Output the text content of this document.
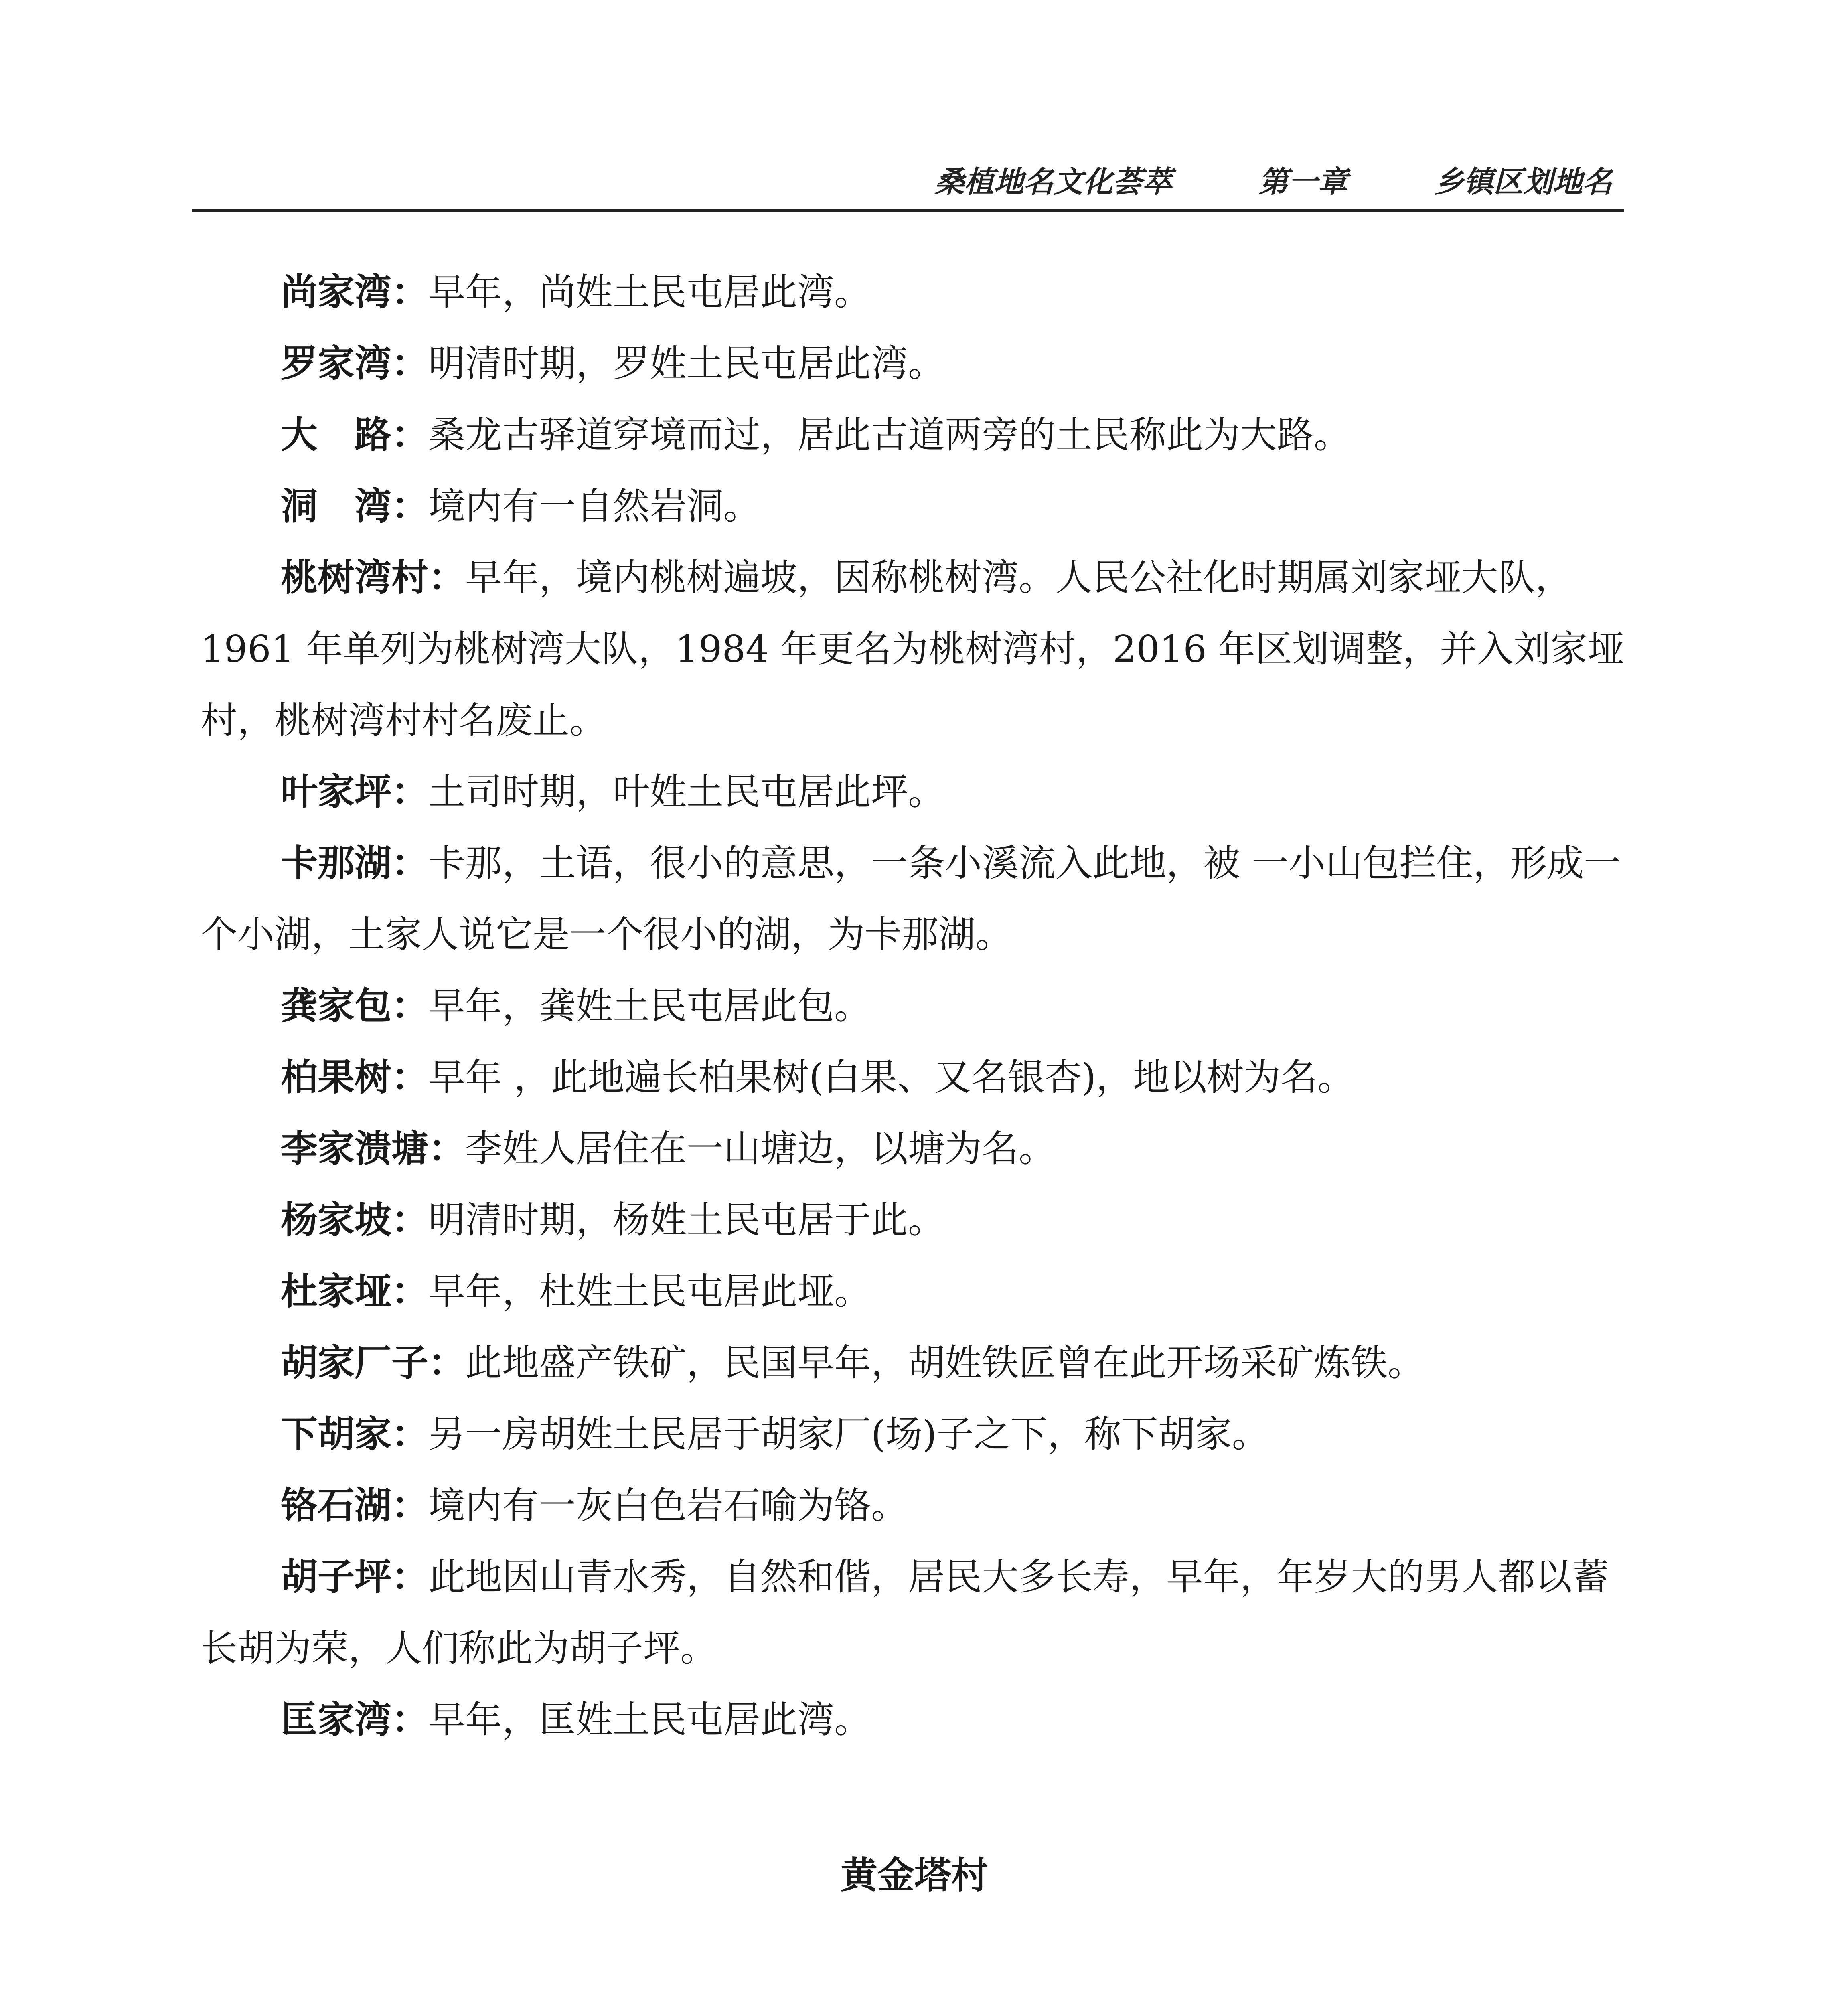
桑植地名文化荟萃	第一章	乡镇区划地名

尚家湾：早年，尚姓土民屯居此湾。

罗家湾：明清时期，罗姓土民屯居此湾。

大　路：桑龙古驿道穿境而过，居此古道两旁的土民称此为大路。

洞　湾：境内有一自然岩洞。

桃树湾村：早年，境内桃树遍坡，因称桃树湾。人民公社化时期属刘家垭大队，1961 年单列为桃树湾大队，1984 年更名为桃树湾村，2016 年区划调整，并入刘家垭村，桃树湾村村名废止。

叶家坪：土司时期，叶姓土民屯居此坪。

卡那湖：卡那，土语，很小的意思，一条小溪流入此地，被 一小山包拦住，形成一个小湖，土家人说它是一个很小的湖，为卡那湖。

龚家包：早年，龚姓土民屯居此包。

柏果树：早年 ，此地遍长柏果树(白果、又名银杏)，地以树为名。

李家溃塘：李姓人居住在一山塘边，以塘为名。

杨家坡：明清时期，杨姓土民屯居于此。

杜家垭：早年，杜姓土民屯居此垭。

胡家厂子：此地盛产铁矿，民国早年，胡姓铁匠曾在此开场采矿炼铁。

下胡家：另一房胡姓土民居于胡家厂(场)子之下，称下胡家。

铬石湖：境内有一灰白色岩石喻为铬。

胡子坪：此地因山青水秀，自然和偕，居民大多长寿，早年，年岁大的男人都以蓄长胡为荣，人们称此为胡子坪。

匡家湾：早年，匡姓土民屯居此湾。

黄金塔村
